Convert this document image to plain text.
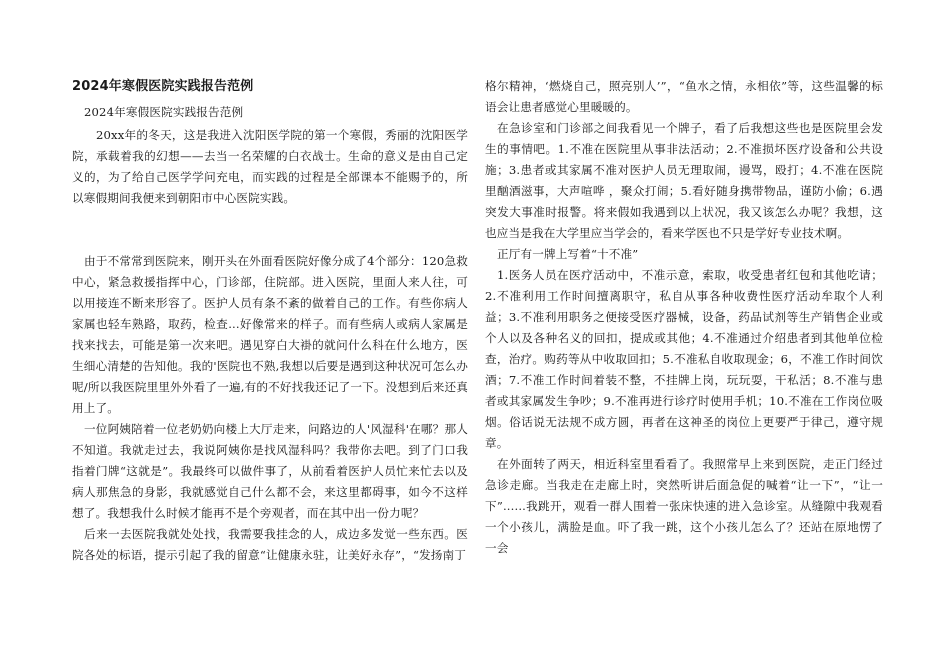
2024年寒假医院实践报告范例
2024年寒假医院实践报告范例

20xx年的冬天，这是我进入沈阳医学院的第一个寒假，秀丽的沈阳医学院，承载着我的幻想——去当一名荣耀的白衣战士。生命的意义是由自己定义的，为了给自己医学学问充电，而实践的过程是全部课本不能赐予的，所以寒假期间我便来到朝阳市中心医院实践。

由于不常常到医院来，刚开头在外面看医院好像分成了4个部分：120急救中心，紧急救援指挥中心，门诊部，住院部。进入医院，里面人来人往，可以用接连不断来形容了。医护人员有条不紊的做着自己的工作。有些你病人家属也轻车熟路，取药，检查...好像常来的样子。而有些病人或病人家属是找来找去，可能是第一次来吧。遇见穿白大褂的就问什么科在什么地方，医生细心清楚的告知他。我的'医院也不熟,我想以后要是遇到这种状况可怎么办呢/所以我医院里里外外看了一遍,有的不好找我还记了一下。没想到后来还真用上了。

一位阿姨陪着一位老奶奶向楼上大厅走来，问路边的人'风湿科'在哪？那人不知道。我就走过去，我说阿姨你是找风湿科吗？我带你去吧。到了门口我指着门牌“这就是”。我最终可以做件事了，从前看着医护人员忙来忙去以及病人那焦急的身影，我就感觉自己什么都不会，来这里都碍事，如今不这样想了。我想我什么时候才能再不是个旁观者，而在其中出一份力呢？

后来一去医院我就处处找，我需要我挂念的人，成边多发觉一些东西。医院各处的标语，提示引起了我的留意“让健康永驻，让美好永存”，“发扬南丁

格尔精神，‘燃烧自己，照亮别人’”，“鱼水之情，永相依”等，这些温馨的标语会让患者感觉心里暖暖的。

在急诊室和门诊部之间我看见一个牌子，看了后我想这些也是医院里会发生的事情吧。1.不准在医院里从事非法活动；2.不准损坏医疗设备和公共设施；3.患者或其家属不准对医护人员无理取闹，谩骂，殴打；4.不准在医院里酗酒滋事，大声喧哗 ，聚众打闹；5.看好随身携带物品，谨防小偷；6.遇突发大事准时报警。将来假如我遇到以上状况，我又该怎么办呢？我想，这也应当是我在大学里应当学会的，看来学医也不只是学好专业技术啊。

正厅有一牌上写着“十不准”

1.医务人员在医疗活动中，不准示意，索取，收受患者红包和其他吃请；2.不准利用工作时间擅离职守，私自从事各种收费性医疗活动牟取个人利益；3.不准利用职务之便接受医疗器械，设备，药品试剂等生产销售企业或个人以及各种名义的回扣，提成或其他；4.不准通过介绍患者到其他单位检查，治疗。购药等从中收取回扣；5.不准私自收取现金；6，不准工作时间饮酒；7.不准工作时间着装不整，不挂牌上岗，玩玩耍，干私活；8.不准与患者或其家属发生争吵；9.不准再进行诊疗时使用手机；10.不准在工作岗位吸烟。俗话说无法规不成方圆，再者在这神圣的岗位上更要严于律己，遵守规章。

在外面转了两天，相近科室里看看了。我照常早上来到医院，走正门经过急诊走廊。当我走在走廊上时，突然听讲后面急促的喊着“让一下”，“让一下”......我跳开，观看一群人围着一张床快速的进入急诊室。从缝隙中我观看一个小孩儿，满脸是血。吓了我一跳，这个小孩儿怎么了？还站在原地愣了一会
